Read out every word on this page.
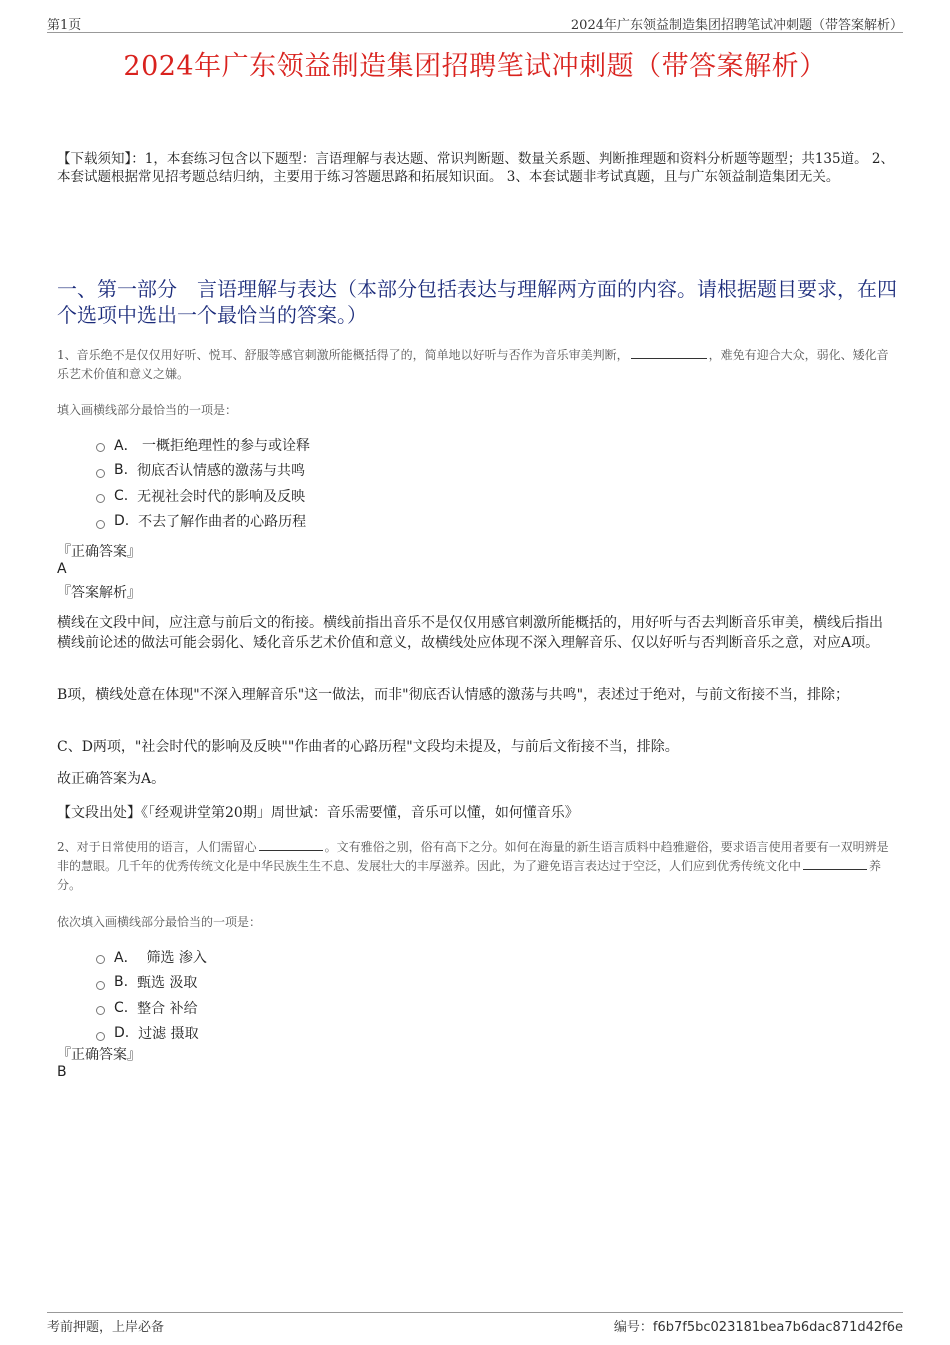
第1页	2024年广东领益制造集团招聘笔试冲刺题（带答案解析）
2024年广东领益制造集团招聘笔试冲刺题（带答案解析）
【下载须知】：1，本套练习包含以下题型：言语理解与表达题、常识判断题、数量关系题、判断推理题和资料分析题等题型；共135道。 2、本套试题根据常见招考题总结归纳，主要用于练习答题思路和拓展知识面。 3、本套试题非考试真题，且与广东领益制造集团无关。
一、第一部分　言语理解与表达（本部分包括表达与理解两方面的内容。请根据题目要求，在四个选项中选出一个最恰当的答案。）
1、音乐绝不是仅仅用好听、悦耳、舒服等感官刺激所能概括得了的，简单地以好听与否作为音乐审美判断，	，难免有迎合大众，弱化、矮化音乐艺术价值和意义之嫌。
填入画横线部分最恰当的一项是：
A．
一概拒绝理性的参与或诠释
B.
彻底否认情感的激荡与共鸣
C.
无视社会时代的影响及反映
D.
不去了解作曲者的心路历程
『正确答案』
A
『答案解析』
横线在文段中间，应注意与前后文的衔接。横线前指出音乐不是仅仅用感官刺激所能概括的，用好听与否去判断音乐审美，横线后指出横线前论述的做法可能会弱化、矮化音乐艺术价值和意义，故横线处应体现不深入理解音乐、仅以好听与否判断音乐之意，对应A项。
B项，横线处意在体现"不深入理解音乐"这一做法，而非"彻底否认情感的激荡与共鸣"，表述过于绝对，与前文衔接不当，排除；
C、D两项，"社会时代的影响及反映""作曲者的心路历程"文段均未提及，与前后文衔接不当，排除。
故正确答案为A。
【文段出处】《「经观讲堂第20期」周世斌：音乐需要懂，音乐可以懂，如何懂音乐》
2、对于日常使用的语言，人们需留心	。文有雅俗之别，俗有高下之分。如何在海量的新生语言质料中趋雅避俗，要求语言使用者要有一双明辨是非的慧眼。几千年的优秀传统文化是中华民族生生不息、发展壮大的丰厚滋养。因此，为了避免语言表达过于空泛，人们应到优秀传统文化中	养分。
依次填入画横线部分最恰当的一项是：
A．
筛选 渗入
B.
甄选 汲取
C.
整合 补给
D.
过滤 摄取
『正确答案』
B
考前押题，上岸必备	编号：f6b7f5bc023181bea7b6dac871d42f6e
